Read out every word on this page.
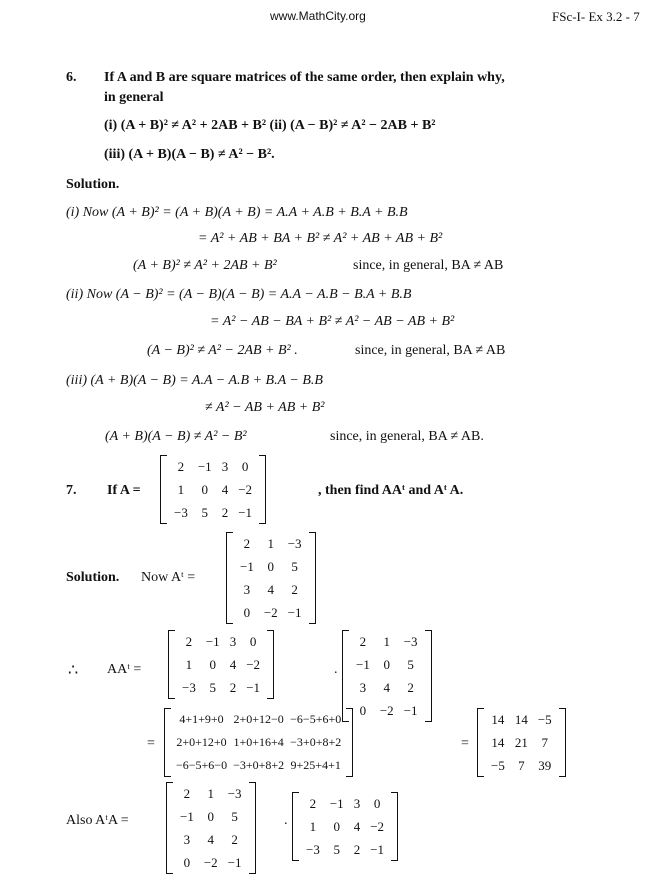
www.MathCity.org	FSc-I- Ex 3.2 - 7
6. If A and B are square matrices of the same order, then explain why,
in general
(i) (A + B)² ≠ A² + 2AB + B² (ii) (A − B)² ≠ A² − 2AB + B²
(iii) (A + B)(A − B) ≠ A² − B².
Solution.
(i) Now (A + B)² = (A + B)(A + B) = A.A + A.B + B.A + B.B
= A² + AB + BA + B² ≠ A² + AB + AB + B²
(A + B)² ≠ A² + 2AB + B²	since, in general, BA ≠ AB
(ii) Now (A − B)² = (A − B)(A − B) = A.A − A.B − B.A + B.B
= A² − AB − BA + B² ≠ A² − AB − AB + B²
(A − B)² ≠ A² − 2AB + B² .	since, in general, BA ≠ AB
(iii) (A + B)(A − B) = A.A − A.B + B.A − B.B
≠ A² − AB + AB + B²
(A + B)(A − B) ≠ A² − B²	since, in general, BA ≠ AB.
7. If A =
2	−1	3	0
1	0	4	−2
−3	5	2	−1
, then find AAᵗ and Aᵗ A.
Solution. Now Aᵗ =
2	1	−3
−1	0	5
3	4	2
0	−2	−1
∴ AAᵗ =
2	−1	3	0
1	0	4	−2
−3	5	2	−1
.
2	1	−3
−1	0	5
3	4	2
0	−2	−1
=
4+1+9+0	2+0+12−0	−6−5+6+0
2+0+12+0	1+0+16+4	−3+0+8+2
−6−5+6−0	−3+0+8+2	9+25+4+1
=
14	14	−5
14	21	7
−5	7	39
Also AᵗA =
2	1	−3
−1	0	5
3	4	2
0	−2	−1
.
2	−1	3	0
1	0	4	−2
−3	5	2	−1
